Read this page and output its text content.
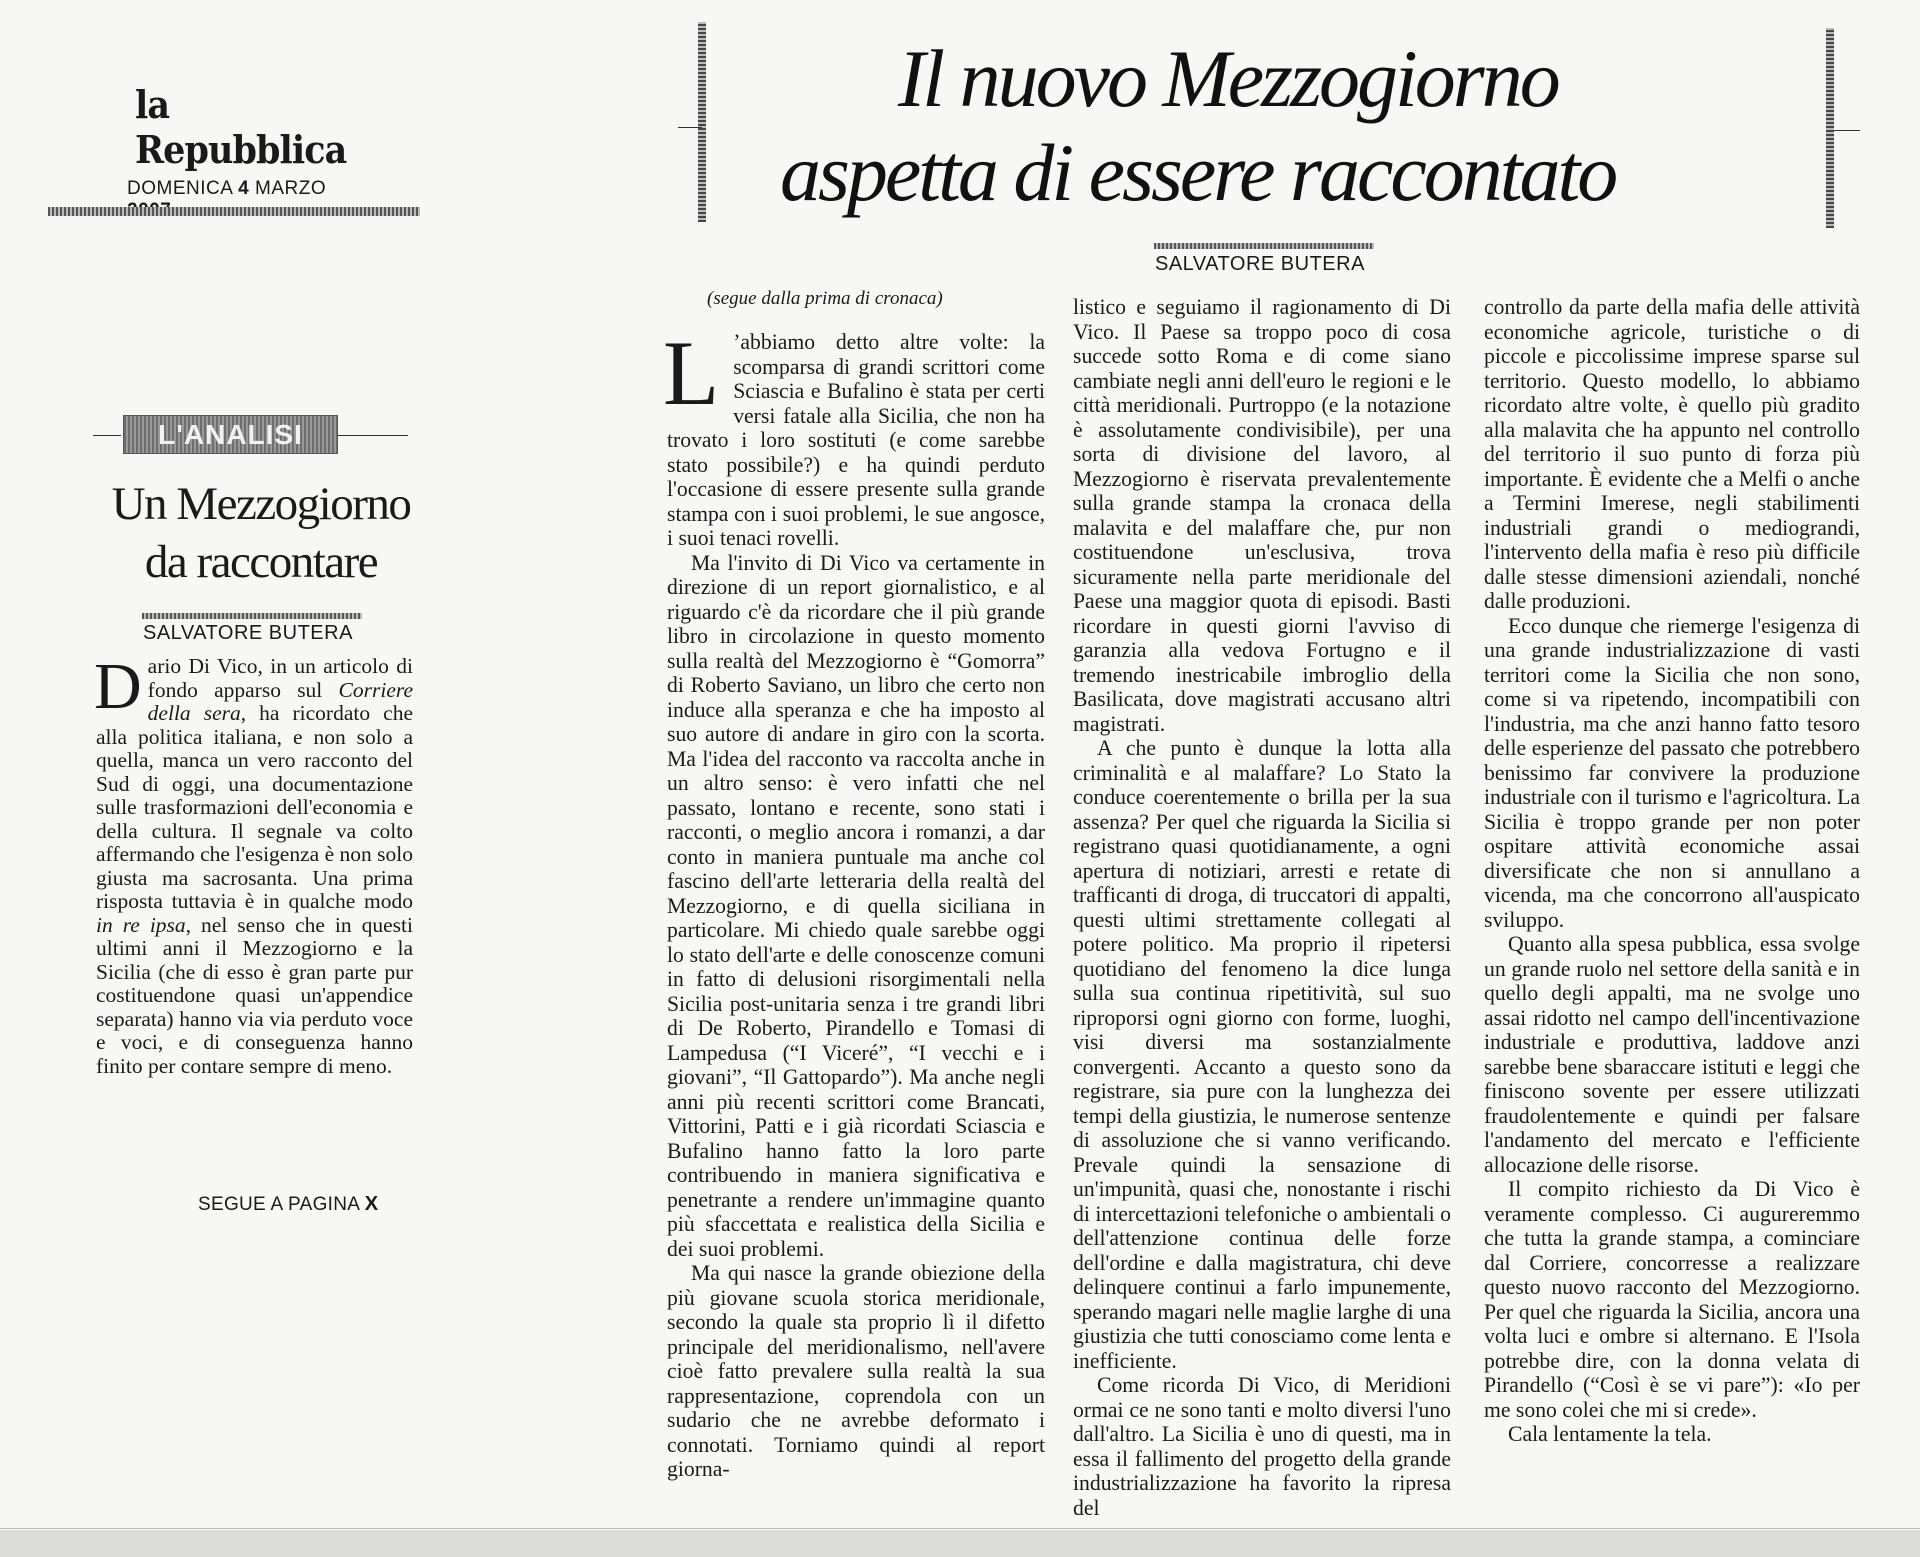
la Repubblica
DOMENICA 4 MARZO
Il nuovo Mezzogiorno
aspetta di essere raccontato
SALVATORE BUTERA
L'ANALISI
Un Mezzogiorno
da raccontare
SALVATORE BUTERA
Dario Di Vico, in un articolo di fondo apparso sul Corriere della sera, ha ricordato che alla politica italiana, e non solo a quella, manca un vero racconto del Sud di oggi, una documentazione sulle trasformazioni dell'economia e della cultura. Il segnale va colto affermando che l'esigenza è non solo giusta ma sacrosanta. Una prima risposta tuttavia è in qualche modo in re ipsa, nel senso che in questi ultimi anni il Mezzogiorno e la Sicilia (che di esso è gran parte pur costituendone quasi un'appendice separata) hanno via via perduto voce e voci, e di conseguenza hanno finito per contare sempre di meno.
SEGUE A PAGINA X
(segue dalla prima di cronaca)

L ’abbiamo detto altre volte: la scomparsa di grandi scrittori come Sciascia e Bufalino è stata per certi versi fatale alla Sicilia, che non ha trovato i loro sostituti (e come sarebbe stato possibile?) e ha quindi perduto l'occasione di essere presente sulla grande stampa con i suoi problemi, le sue angosce, i suoi tenaci rovelli.

Ma l'invito di Di Vico va certamente in direzione di un report giornalistico, e al riguardo c'è da ricordare che il più grande libro in circolazione in questo momento sulla realtà del Mezzogiorno è “Gomorra” di Roberto Saviano, un libro che certo non induce alla speranza e che ha imposto al suo autore di andare in giro con la scorta. Ma l'idea del racconto va raccolta anche in un altro senso: è vero infatti che nel passato, lontano e recente, sono stati i racconti, o meglio ancora i romanzi, a dar conto in maniera puntuale ma anche col fascino dell'arte letteraria della realtà del Mezzogiorno, e di quella siciliana in particolare. Mi chiedo quale sarebbe oggi lo stato dell'arte e delle conoscenze comuni in fatto di delusioni risorgimentali nella Sicilia post-unitaria senza i tre grandi libri di De Roberto, Pirandello e Tomasi di Lampedusa (“I Viceré”, “I vecchi e i giovani”, “Il Gattopardo”). Ma anche negli anni più recenti scrittori come Brancati, Vittorini, Patti e i già ricordati Sciascia e Bufalino hanno fatto la loro parte contribuendo in maniera significativa e penetrante a rendere un'immagine quanto più sfaccettata e realistica della Sicilia e dei suoi problemi.

Ma qui nasce la grande obiezione della più giovane scuola storica meridionale, secondo la quale sta proprio lì il difetto principale del meridionalismo, nell'avere cioè fatto prevalere sulla realtà la sua rappresentazione, coprendola con un sudario che ne avrebbe deformato i connotati. Torniamo quindi al report giorna-

listico e seguiamo il ragionamento di Di Vico. Il Paese sa troppo poco di cosa succede sotto Roma e di come siano cambiate negli anni dell'euro le regioni e le città meridionali. Purtroppo (e la notazione è assolutamente condivisibile), per una sorta di divisione del lavoro, al Mezzogiorno è riservata prevalentemente sulla grande stampa la cronaca della malavita e del malaffare che, pur non costituendone un'esclusiva, trova sicuramente nella parte meridionale del Paese una maggior quota di episodi. Basti ricordare in questi giorni l'avviso di garanzia alla vedova Fortugno e il tremendo inestricabile imbroglio della Basilicata, dove magistrati accusano altri magistrati.

A che punto è dunque la lotta alla criminalità e al malaffare? Lo Stato la conduce coerentemente o brilla per la sua assenza? Per quel che riguarda la Sicilia si registrano quasi quotidianamente, a ogni apertura di notiziari, arresti e retate di trafficanti di droga, di truccatori di appalti, questi ultimi strettamente collegati al potere politico. Ma proprio il ripetersi quotidiano del fenomeno la dice lunga sulla sua continua ripetitività, sul suo riproporsi ogni giorno con forme, luoghi, visi diversi ma sostanzialmente convergenti. Accanto a questo sono da registrare, sia pure con la lunghezza dei tempi della giustizia, le numerose sentenze di assoluzione che si vanno verificando. Prevale quindi la sensazione di un'impunità, quasi che, nonostante i rischi di intercettazioni telefoniche o ambientali o dell'attenzione continua delle forze dell'ordine e dalla magistratura, chi deve delinquere continui a farlo impunemente, sperando magari nelle maglie larghe di una giustizia che tutti conosciamo come lenta e inefficiente.

Come ricorda Di Vico, di Meridioni ormai ce ne sono tanti e molto diversi l'uno dall'altro. La Sicilia è uno di questi, ma in essa il fallimento del progetto della grande industrializzazione ha favorito la ripresa del

controllo da parte della mafia delle attività economiche agricole, turistiche o di piccole e piccolissime imprese sparse sul territorio. Questo modello, lo abbiamo ricordato altre volte, è quello più gradito alla malavita che ha appunto nel controllo del territorio il suo punto di forza più importante. È evidente che a Melfi o anche a Termini Imerese, negli stabilimenti industriali grandi o mediograndi, l'intervento della mafia è reso più difficile dalle stesse dimensioni aziendali, nonché dalle produzioni.

Ecco dunque che riemerge l'esigenza di una grande industrializzazione di vasti territori come la Sicilia che non sono, come si va ripetendo, incompatibili con l'industria, ma che anzi hanno fatto tesoro delle esperienze del passato che potrebbero benissimo far convivere la produzione industriale con il turismo e l'agricoltura. La Sicilia è troppo grande per non poter ospitare attività economiche assai diversificate che non si annullano a vicenda, ma che concorrono all'auspicato sviluppo.

Quanto alla spesa pubblica, essa svolge un grande ruolo nel settore della sanità e in quello degli appalti, ma ne svolge uno assai ridotto nel campo dell'incentivazione industriale e produttiva, laddove anzi sarebbe bene sbaraccare istituti e leggi che finiscono sovente per essere utilizzati fraudolentemente e quindi per falsare l'andamento del mercato e l'efficiente allocazione delle risorse.

Il compito richiesto da Di Vico è veramente complesso. Ci augureremmo che tutta la grande stampa, a cominciare dal Corriere, concorresse a realizzare questo nuovo racconto del Mezzogiorno. Per quel che riguarda la Sicilia, ancora una volta luci e ombre si alternano. E l'Isola potrebbe dire, con la donna velata di Pirandello (“Così è se vi pare”): «Io per me sono colei che mi si crede».

Cala lentamente la tela.
